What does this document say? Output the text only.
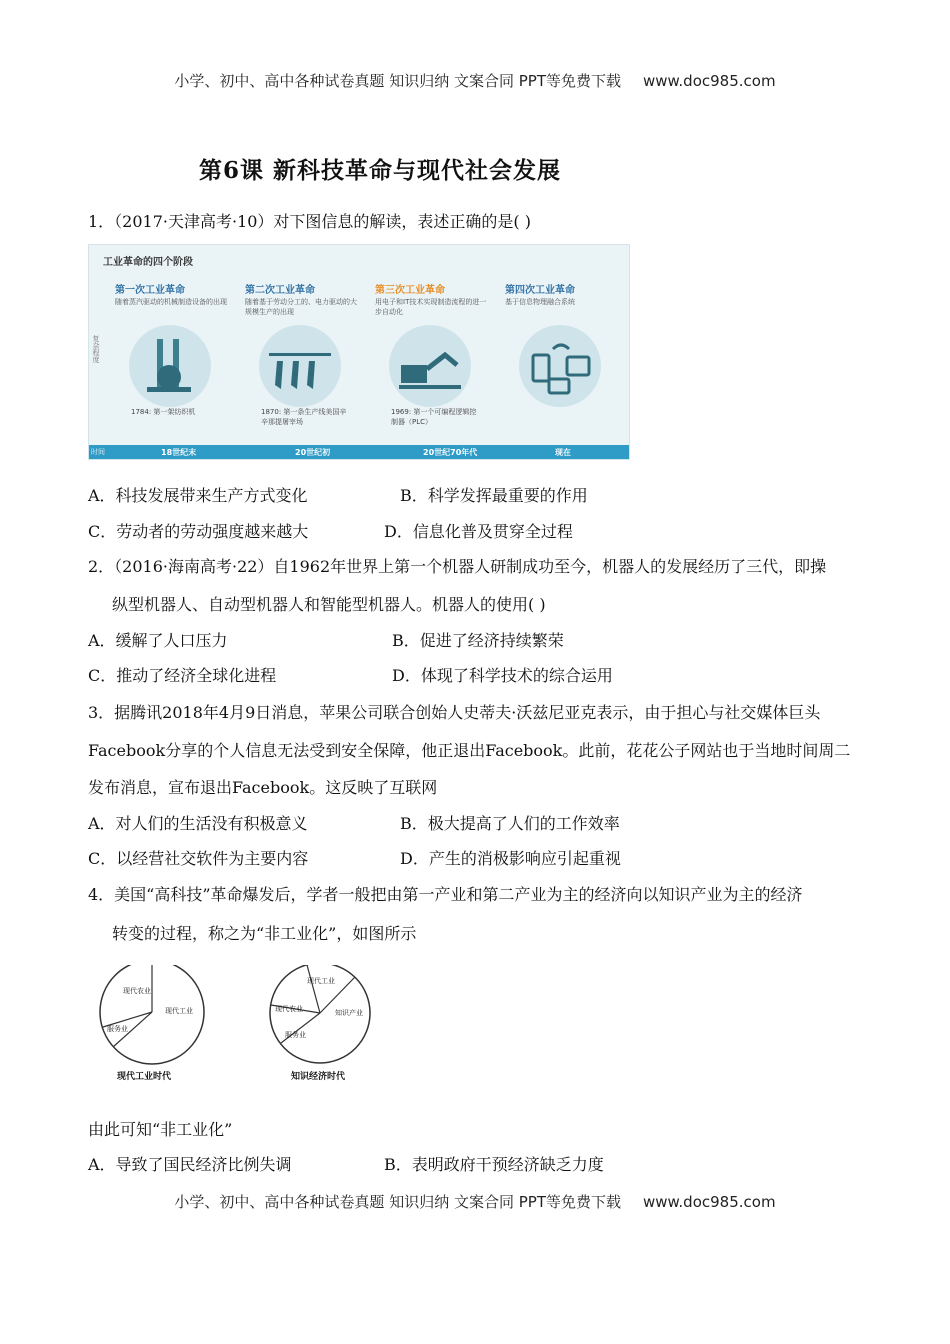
小学、初中、高中各种试卷真题 知识归纳 文案合同 PPT等免费下载 www.doc985.com
第6课 新科技革命与现代社会发展
1．（2017·天津高考·10）对下图信息的解读，表述正确的是( )
工业革命的四个阶段
复杂程度
第一次工业革命
随着蒸汽驱动的机械制造设备的出现
1784: 第一架纺织机
第二次工业革命
随着基于劳动分工的、电力驱动的大规模生产的出现
1870: 第一条生产线美国辛辛那提屠宰场
第三次工业革命
用电子和IT技术实现制造流程的进一步自动化
1969: 第一个可编程逻辑控制器（PLC）
第四次工业革命
基于信息物理融合系统
时间	18世纪末	20世纪初	20世纪70年代	现在
A．科技发展带来生产方式变化	B．科学发挥最重要的作用
C．劳动者的劳动强度越来越大	D．信息化普及贯穿全过程
2．（2016·海南高考·22）自1962年世界上第一个机器人研制成功至今，机器人的发展经历了三代，即操
纵型机器人、自动型机器人和智能型机器人。机器人的使用( )
A．缓解了人口压力	B．促进了经济持续繁荣
C．推动了经济全球化进程	D．体现了科学技术的综合运用
3．据腾讯2018年4月9日消息，苹果公司联合创始人史蒂夫·沃兹尼亚克表示，由于担心与社交媒体巨头
Facebook分享的个人信息无法受到安全保障，他正退出Facebook。此前，花花公子网站也于当地时间周二
发布消息，宣布退出Facebook。这反映了互联网
A．对人们的生活没有积极意义	B．极大提高了人们的工作效率
C．以经营社交软件为主要内容	D．产生的消极影响应引起重视
4．美国“高科技”革命爆发后，学者一般把由第一产业和第二产业为主的经济向以知识产业为主的经济
转变的过程，称之为“非工业化”，如图所示
现代农业
现代工业
服务业
现代工业
知识产业
现代农业
服务业
现代工业时代	知识经济时代
由此可知“非工业化”
A．导致了国民经济比例失调	B．表明政府干预经济缺乏力度
小学、初中、高中各种试卷真题 知识归纳 文案合同 PPT等免费下载 www.doc985.com
